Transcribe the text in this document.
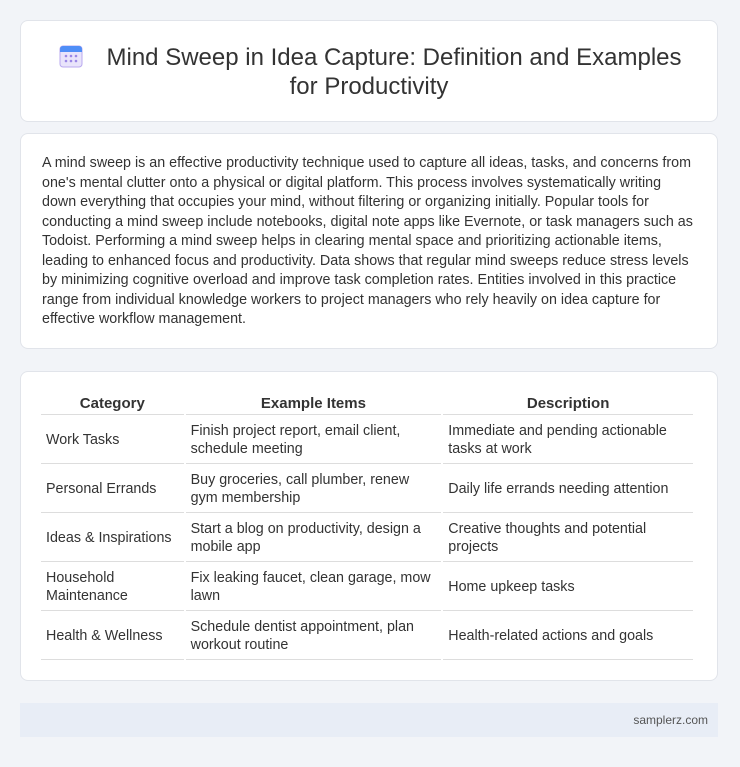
Mind Sweep in Idea Capture: Definition and Examples for Productivity

A mind sweep is an effective productivity technique used to capture all ideas, tasks, and concerns from one's mental clutter onto a physical or digital platform. This process involves systematically writing down everything that occupies your mind, without filtering or organizing initially. Popular tools for conducting a mind sweep include notebooks, digital note apps like Evernote, or task managers such as Todoist. Performing a mind sweep helps in clearing mental space and prioritizing actionable items, leading to enhanced focus and productivity. Data shows that regular mind sweeps reduce stress levels by minimizing cognitive overload and improve task completion rates. Entities involved in this practice range from individual knowledge workers to project managers who rely heavily on idea capture for effective workflow management.

Category	Example Items	Description
Work Tasks	Finish project report, email client, schedule meeting	Immediate and pending actionable tasks at work
Personal Errands	Buy groceries, call plumber, renew gym membership	Daily life errands needing attention
Ideas & Inspirations	Start a blog on productivity, design a mobile app	Creative thoughts and potential projects
Household Maintenance	Fix leaking faucet, clean garage, mow lawn	Home upkeep tasks
Health & Wellness	Schedule dentist appointment, plan workout routine	Health-related actions and goals
samplerz.com
